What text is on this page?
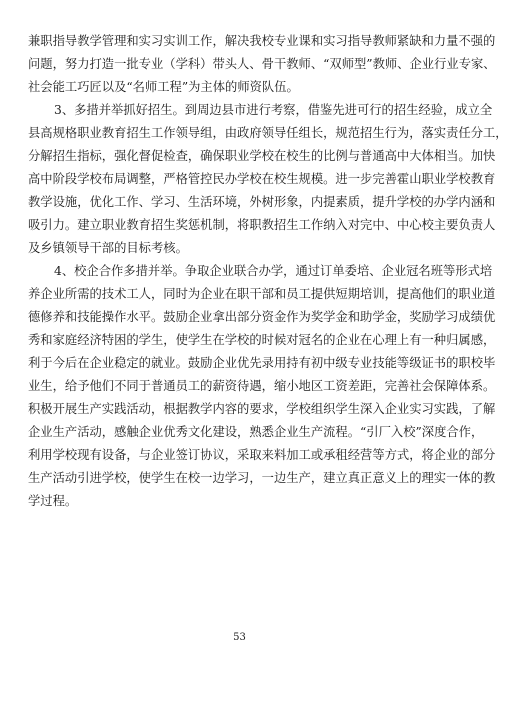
兼职指导教学管理和实习实训工作，解决我校专业课和实习指导教师紧缺和力量不强的
问题，努力打造一批专业（学科）带头人、骨干教师、“双师型”教师、企业行业专家、
社会能工巧匠以及“名师工程”为主体的师资队伍。
3、多措并举抓好招生。到周边县市进行考察，借鉴先进可行的招生经验，成立全
县高规格职业教育招生工作领导组，由政府领导任组长，规范招生行为，落实责任分工，
分解招生指标，强化督促检查，确保职业学校在校生的比例与普通高中大体相当。加快
高中阶段学校布局调整，严格管控民办学校在校生规模。进一步完善霍山职业学校教育
教学设施，优化工作、学习、生活环境，外树形象，内提素质，提升学校的办学内涵和
吸引力。建立职业教育招生奖惩机制，将职教招生工作纳入对完中、中心校主要负责人
及乡镇领导干部的目标考核。
4、校企合作多措并举。争取企业联合办学，通过订单委培、企业冠名班等形式培
养企业所需的技术工人，同时为企业在职干部和员工提供短期培训，提高他们的职业道
德修养和技能操作水平。鼓励企业拿出部分资金作为奖学金和助学金，奖励学习成绩优
秀和家庭经济特困的学生，使学生在学校的时候对冠名的企业在心理上有一种归属感，
利于今后在企业稳定的就业。鼓励企业优先录用持有初中级专业技能等级证书的职校毕
业生，给予他们不同于普通员工的薪资待遇，缩小地区工资差距，完善社会保障体系。
积极开展生产实践活动，根据教学内容的要求，学校组织学生深入企业实习实践，了解
企业生产活动，感触企业优秀文化建设，熟悉企业生产流程。“引厂入校”深度合作，
利用学校现有设备，与企业签订协议，采取来料加工或承租经营等方式，将企业的部分
生产活动引进学校，使学生在校一边学习，一边生产，建立真正意义上的理实一体的教
学过程。
53
